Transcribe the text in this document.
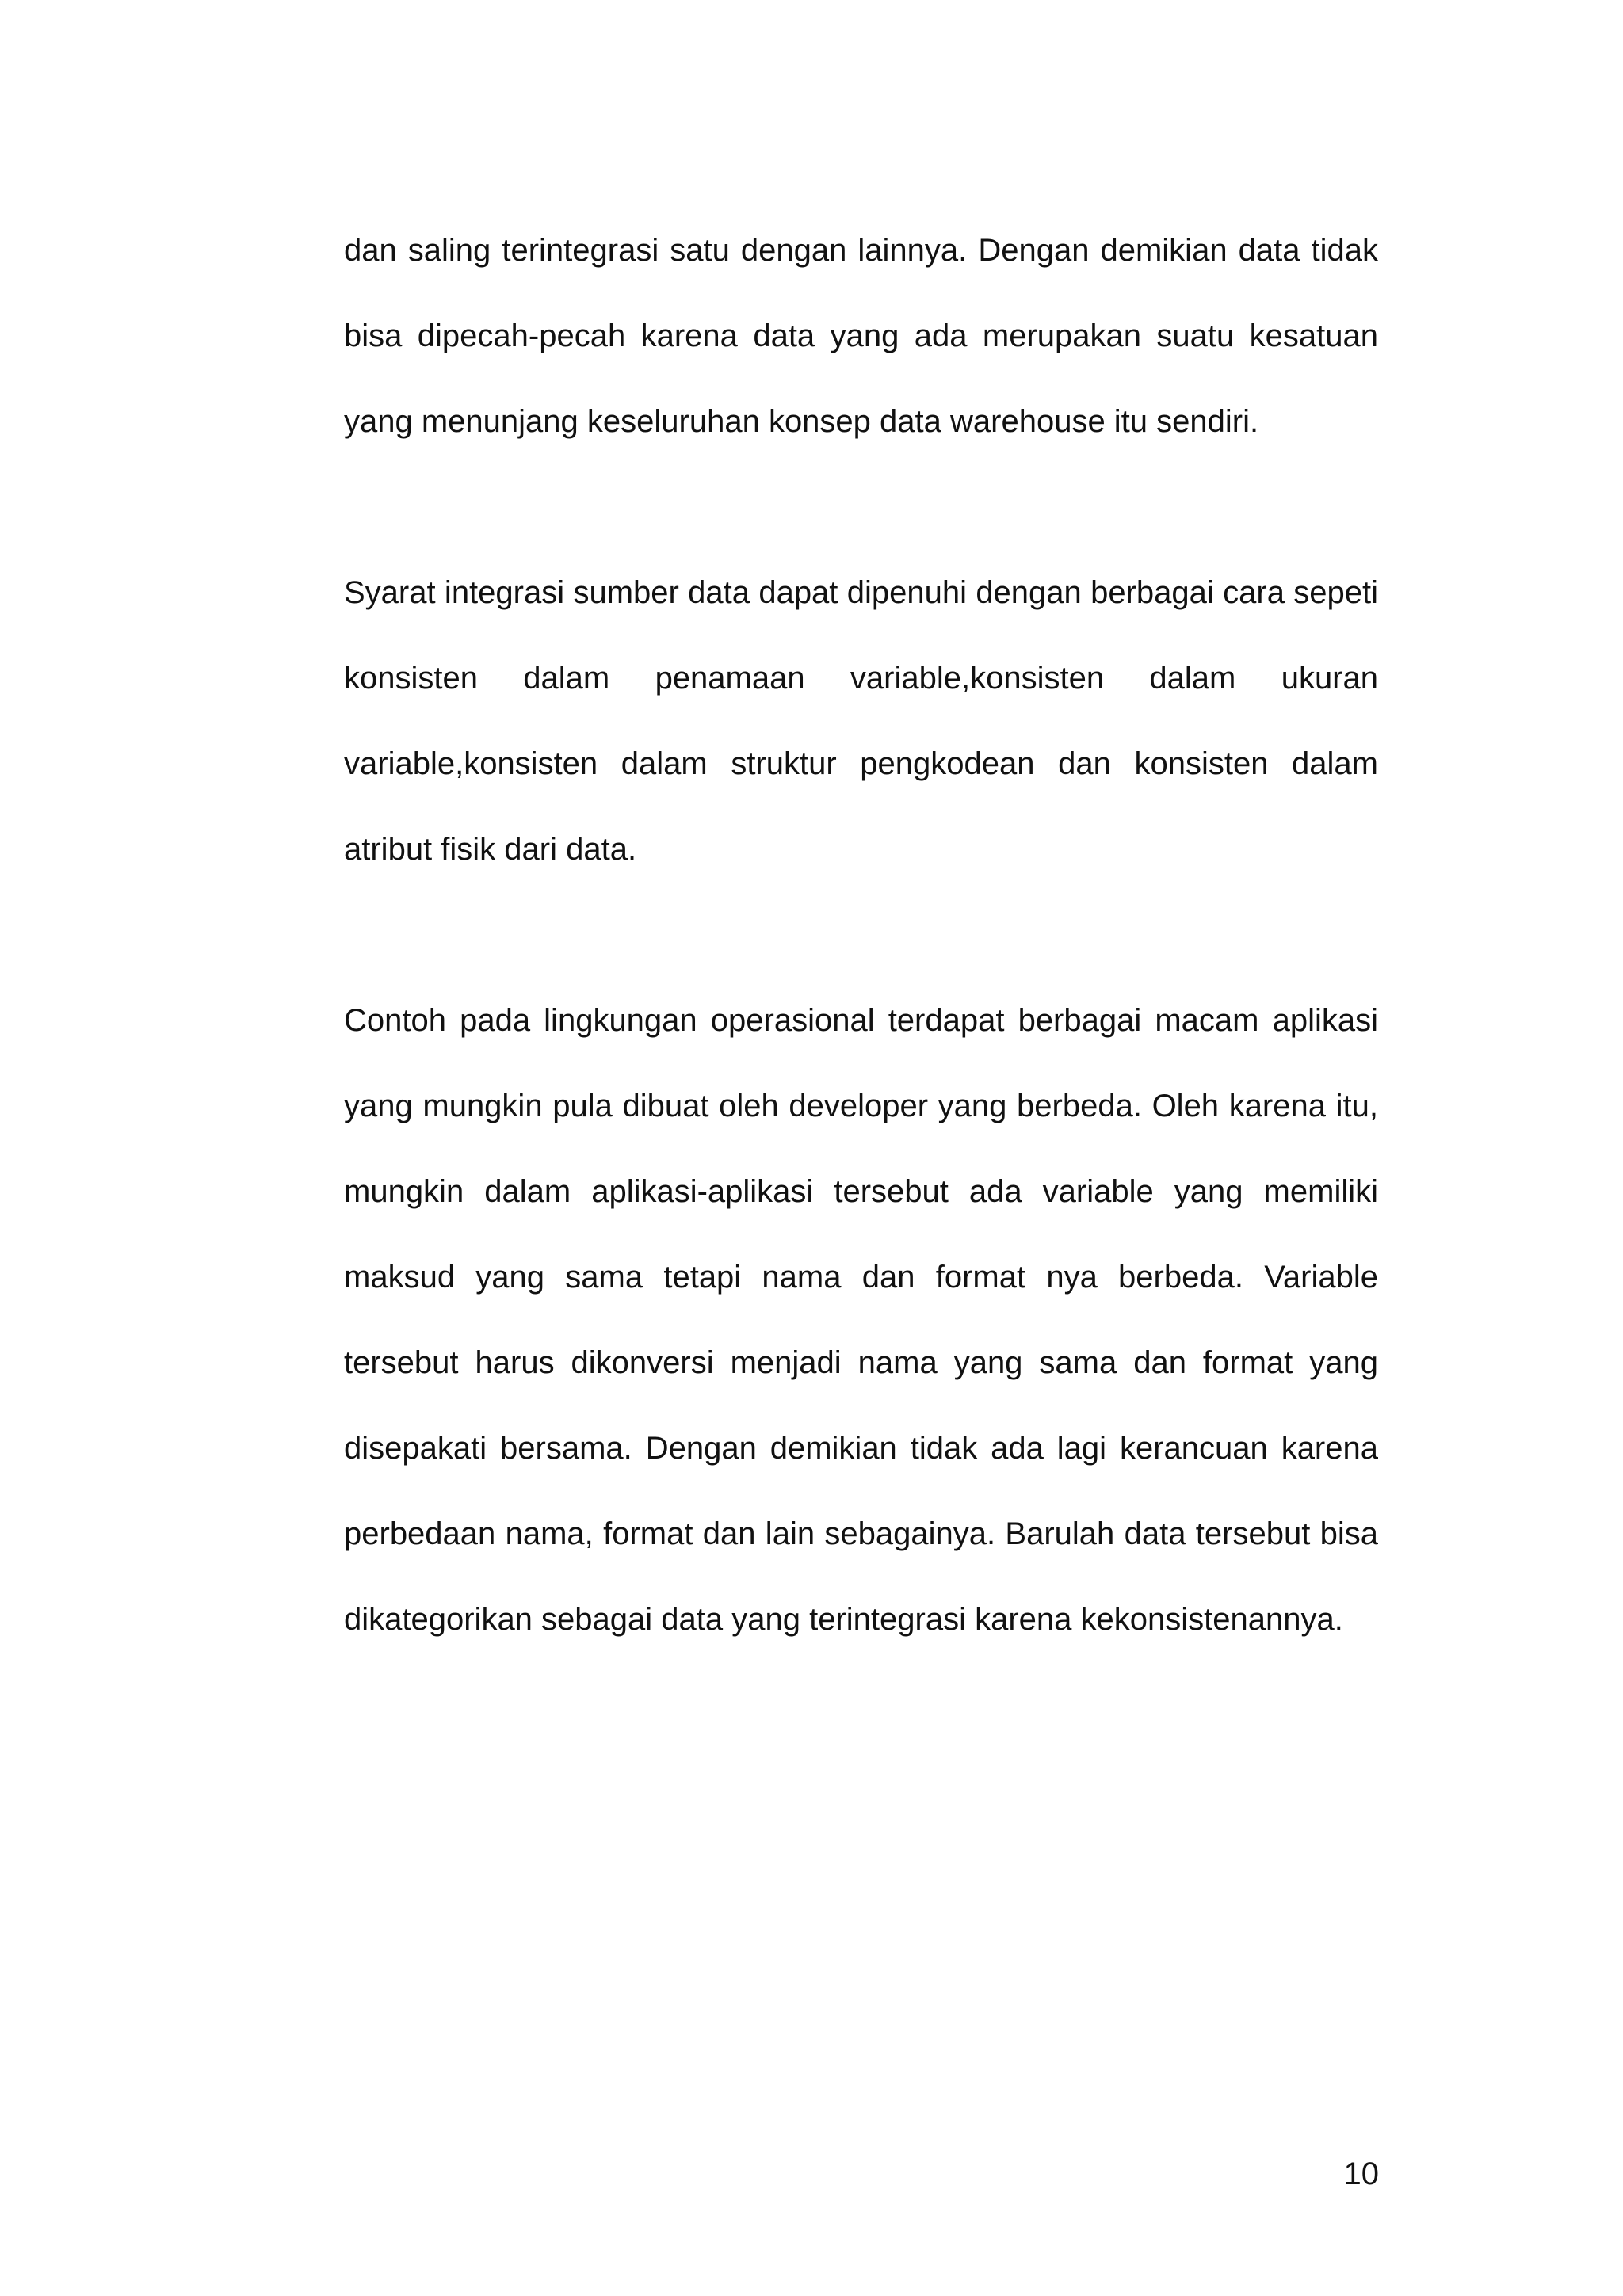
dan saling terintegrasi satu dengan lainnya. Dengan demikian data tidak bisa dipecah-pecah karena data yang ada merupakan suatu kesatuan yang menunjang keseluruhan konsep data warehouse itu sendiri.

Syarat integrasi sumber data dapat dipenuhi dengan berbagai cara sepeti konsisten dalam penamaan variable,konsisten dalam ukuran variable,konsisten dalam struktur pengkodean dan konsisten dalam atribut fisik dari data.

Contoh pada lingkungan operasional terdapat berbagai macam aplikasi yang mungkin pula dibuat oleh developer yang berbeda. Oleh karena itu, mungkin dalam aplikasi-aplikasi tersebut ada variable yang memiliki maksud yang sama tetapi nama dan format nya berbeda. Variable tersebut harus dikonversi menjadi nama yang sama dan format yang disepakati bersama. Dengan demikian tidak ada lagi kerancuan karena perbedaan nama, format dan lain sebagainya. Barulah data tersebut bisa dikategorikan sebagai data yang terintegrasi karena kekonsistenannya.

10
